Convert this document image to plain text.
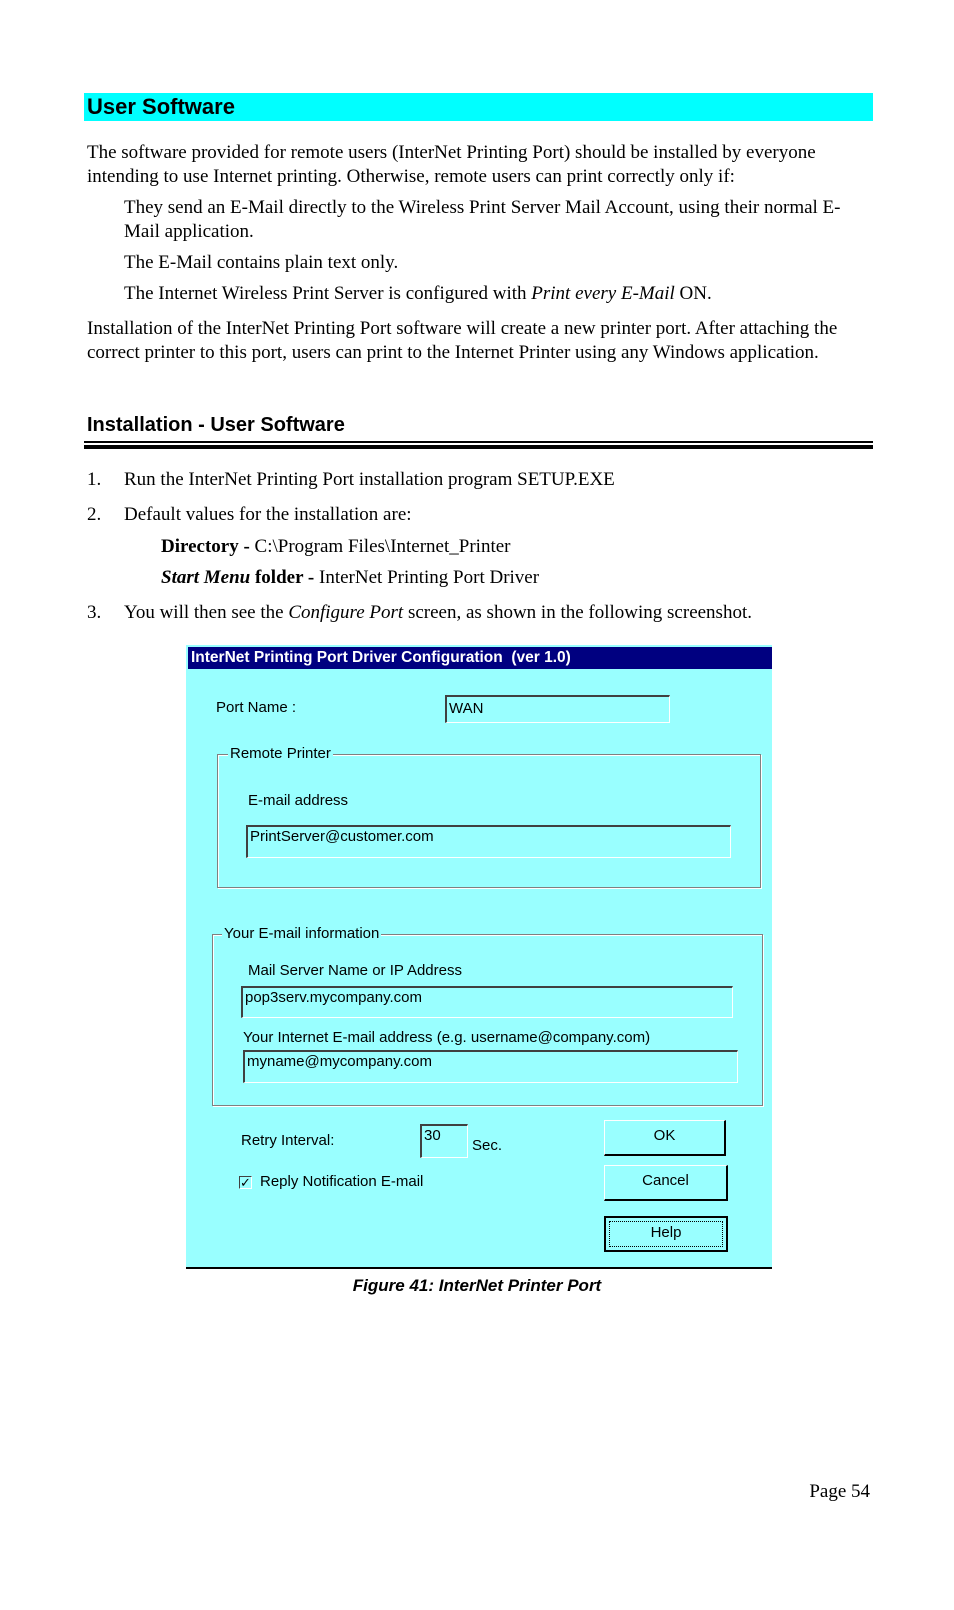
User Software
The software provided for remote users (InterNet Printing Port) should be installed by everyone intending to use Internet printing. Otherwise, remote users can print correctly only if:
They send an E-Mail directly to the Wireless Print Server Mail Account, using their normal E-Mail application.
The E-Mail contains plain text only.
The Internet Wireless Print Server is configured with Print every E-Mail ON.
Installation of the InterNet Printing Port software will create a new printer port. After attaching the correct printer to this port, users can print to the Internet Printer using any Windows application.
Installation - User Software
1. Run the InterNet Printing Port installation program SETUP.EXE
2. Default values for the installation are:
Directory - C:\Program Files\Internet_Printer
Start Menu folder - InterNet Printing Port Driver
3. You will then see the Configure Port screen, as shown in the following screenshot.
InterNet Printing Port Driver Configuration  (ver 1.0)
Port Name :	WAN
Remote Printer
E-mail address
PrintServer@customer.com
Your E-mail information
Mail Server Name or IP Address
pop3serv.mycompany.com
Your Internet E-mail address (e.g. username@company.com)
myname@mycompany.com
Retry Interval:	30
Sec.
✓ Reply Notification E-mail
OK
Cancel
Help
Figure 41: InterNet Printer Port
Page 54
